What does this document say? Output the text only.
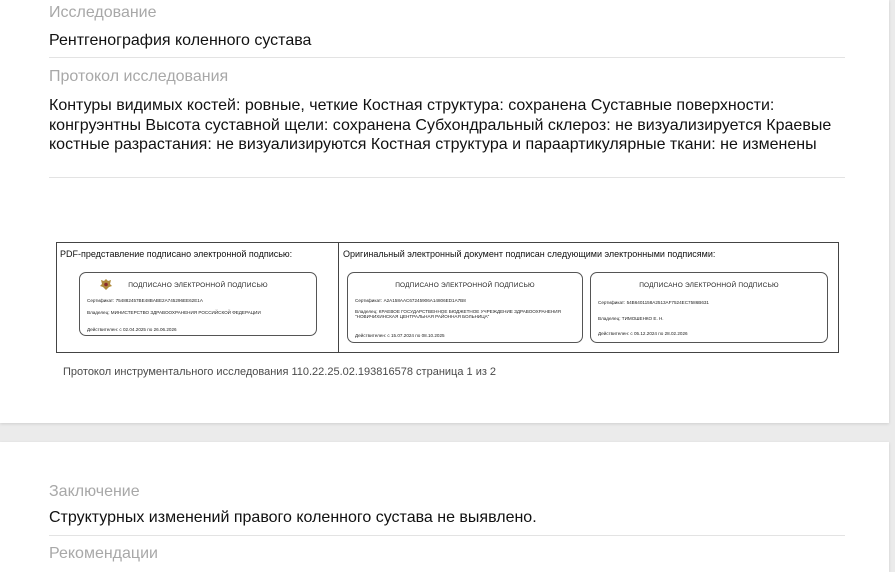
Исследование
Рентгенография коленного сустава
Протокол исследования
Контуры видимых костей: ровные, четкие Костная структура: сохранена Суставные поверхности: конгруэнтны Высота суставной щели: сохранена Субхондральный склероз: не визуализируется Краевые костные разрастания: не визуализируются Костная структура и параартикулярные ткани: не изменены
PDF-представление подписано электронной подписью:	Оригинальный электронный документ подписан следующими электронными подписями:
ПОДПИСАНО ЭЛЕКТРОННОЙ ПОДПИСЬЮ
Сертификат: 754882457BE48BABE2A745296EE62E1A
Владелец: МИНИСТЕРСТВО ЗДРАВООХРАНЕНИЯ РОССИЙСКОЙ ФЕДЕРАЦИИ
Действителен: с 02.04.2025 по 26.06.2026
ПОДПИСАНО ЭЛЕКТРОННОЙ ПОДПИСЬЮ
Сертификат: A2A158AAC67245906A14806ED1A7B8
Владелец: КРАЕВОЕ ГОСУДАРСТВЕННОЕ БЮДЖЕТНОЕ УЧРЕЖДЕНИЕ ЗДРАВООХРАНЕНИЯ "НОВИЧИХИНСКАЯ ЦЕНТРАЛЬНАЯ РАЙОННАЯ БОЛЬНИЦА"
Действителен: с 15.07.2024 по 08.10.2025
ПОДПИСАНО ЭЛЕКТРОННОЙ ПОДПИСЬЮ
Сертификат: 54B6401158A2513AF7524EC7586B631
Владелец: ТИМОШЕНКО Е. Н.
Действителен: с 05.12.2024 по 28.02.2026
Протокол инструментального исследования 110.22.25.02.193816578 страница 1 из 2
Заключение
Структурных изменений правого коленного сустава не выявлено.
Рекомендации
